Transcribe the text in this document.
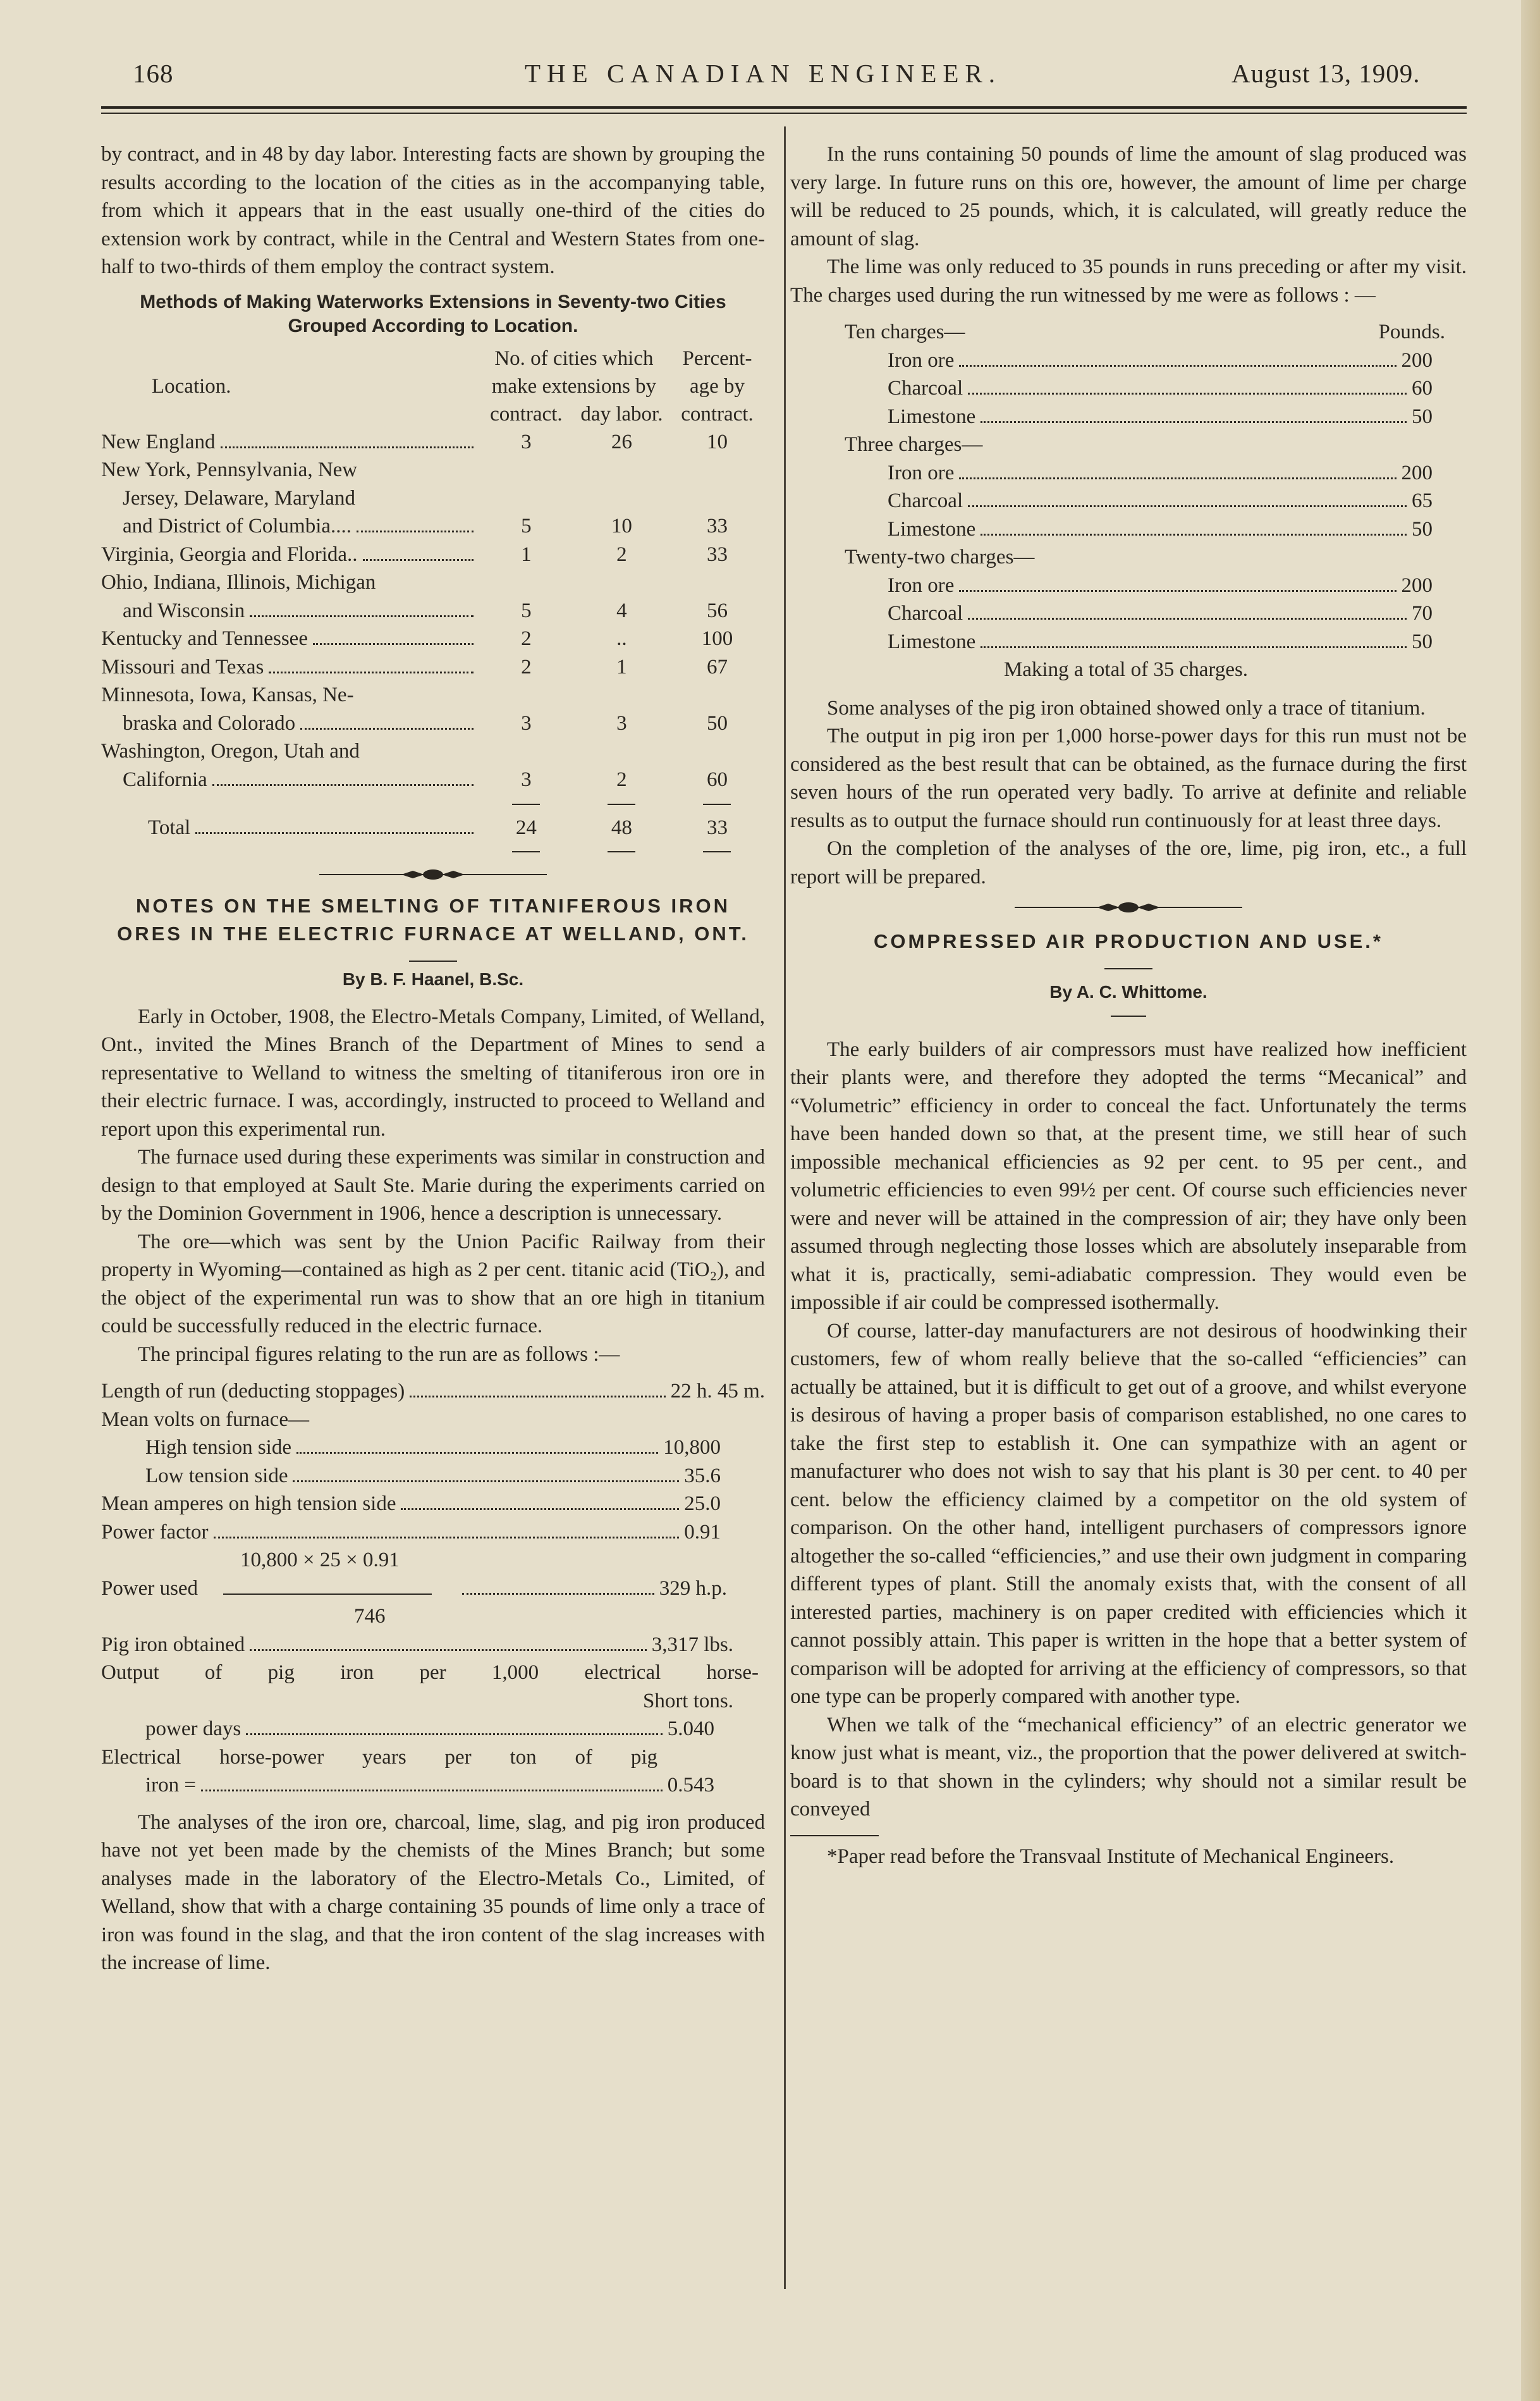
168	THE CANADIAN ENGINEER.	August 13, 1909.

by contract, and in 48 by day labor. Interesting facts are shown by grouping the results according to the location of the cities as in the accompanying table, from which it appears that in the east usually one-third of the cities do extension work by contract, while in the Central and Western States from one-half to two-thirds of them employ the contract system.

Methods of Making Waterworks Extensions in Seventy-two Cities Grouped According to Location.
Location.	No. of cities which		Percent-
	make extensions by		age by
	contract.	day labor.	contract.

New England	3	26	10

New York, Pennsylvania, New			

Jersey, Delaware, Maryland			

and District of Columbia....	5	10	33

Virginia, Georgia and Florida..	1	2	33

Ohio, Indiana, Illinois, Michigan			

and Wisconsin	5	4	56

Kentucky and Tennessee	2	..	100

Missouri and Texas	2	1	67

Minnesota, Iowa, Kansas, Ne-			

braska and Colorado	3	3	50

Washington, Oregon, Utah and			

California	3	2	60

Total	24	48	33

NOTES ON THE SMELTING OF TITANIFEROUS IRON ORES IN THE ELECTRIC FURNACE AT WELLAND, ONT.
By B. F. Haanel, B.Sc.

Early in October, 1908, the Electro-Metals Company, Limited, of Welland, Ont., invited the Mines Branch of the Department of Mines to send a representative to Welland to witness the smelting of titaniferous iron ore in their electric furnace. I was, accordingly, instructed to proceed to Welland and report upon this experimental run.

The furnace used during these experiments was similar in construction and design to that employed at Sault Ste. Marie during the experiments carried on by the Dominion Government in 1906, hence a description is unnecessary.

The ore—which was sent by the Union Pacific Railway from their property in Wyoming—contained as high as 2 per cent. titanic acid (TiO₂), and the object of the experimental run was to show that an ore high in titanium could be successfully reduced in the electric furnace.

The principal figures relating to the run are as follows :—

Length of run (deducting stoppages)	22 h. 45 m.
Mean volts on furnace—
High tension side	10,800
Low tension side	35.6
Mean amperes on high tension side	25.0
Power factor	0.91
10,800 × 25 × 0.91
Power used	329 h.p.
746
Pig iron obtained	3,317 lbs.
Output of pig iron per 1,000 electrical horse-
Short tons.
power days	5.040
Electrical horse-power years per ton of pig
iron =	0.543

The analyses of the iron ore, charcoal, lime, slag, and pig iron produced have not yet been made by the chemists of the Mines Branch; but some analyses made in the laboratory of the Electro-Metals Co., Limited, of Welland, show that with a charge containing 35 pounds of lime only a trace of iron was found in the slag, and that the iron content of the slag increases with the increase of lime.

In the runs containing 50 pounds of lime the amount of slag produced was very large. In future runs on this ore, however, the amount of lime per charge will be reduced to 25 pounds, which, it is calculated, will greatly reduce the amount of slag.

The lime was only reduced to 35 pounds in runs preceding or after my visit. The charges used during the run witnessed by me were as follows : —

Ten charges—	Pounds.
Iron ore	200
Charcoal	60
Limestone	50
Three charges—
Iron ore	200
Charcoal	65
Limestone	50
Twenty-two charges—
Iron ore	200
Charcoal	70
Limestone	50
Making a total of 35 charges.

Some analyses of the pig iron obtained showed only a trace of titanium.

The output in pig iron per 1,000 horse-power days for this run must not be considered as the best result that can be obtained, as the furnace during the first seven hours of the run operated very badly. To arrive at definite and reliable results as to output the furnace should run continuously for at least three days.

On the completion of the analyses of the ore, lime, pig iron, etc., a full report will be prepared.

COMPRESSED AIR PRODUCTION AND USE.*
By A. C. Whittome.

The early builders of air compressors must have realized how inefficient their plants were, and therefore they adopted the terms “Mecanical” and “Volumetric” efficiency in order to conceal the fact. Unfortunately the terms have been handed down so that, at the present time, we still hear of such impossible mechanical efficiencies as 92 per cent. to 95 per cent., and volumetric efficiencies to even 99½ per cent. Of course such efficiencies never were and never will be attained in the compression of air; they have only been assumed through neglecting those losses which are absolutely inseparable from what it is, practically, semi-adiabatic compression. They would even be impossible if air could be compressed isothermally.

Of course, latter-day manufacturers are not desirous of hoodwinking their customers, few of whom really believe that the so-called “efficiencies” can actually be attained, but it is difficult to get out of a groove, and whilst everyone is desirous of having a proper basis of comparison established, no one cares to take the first step to establish it. One can sympathize with an agent or manufacturer who does not wish to say that his plant is 30 per cent. to 40 per cent. below the efficiency claimed by a competitor on the old system of comparison. On the other hand, intelligent purchasers of compressors ignore altogether the so-called “efficiencies,” and use their own judgment in comparing different types of plant. Still the anomaly exists that, with the consent of all interested parties, machinery is on paper credited with efficiencies which it cannot possibly attain. This paper is written in the hope that a better system of comparison will be adopted for arriving at the efficiency of compressors, so that one type can be properly compared with another type.

When we talk of the “mechanical efficiency” of an electric generator we know just what is meant, viz., the proportion that the power delivered at switch-board is to that shown in the cylinders; why should not a similar result be conveyed

*Paper read before the Transvaal Institute of Mechanical Engineers.
